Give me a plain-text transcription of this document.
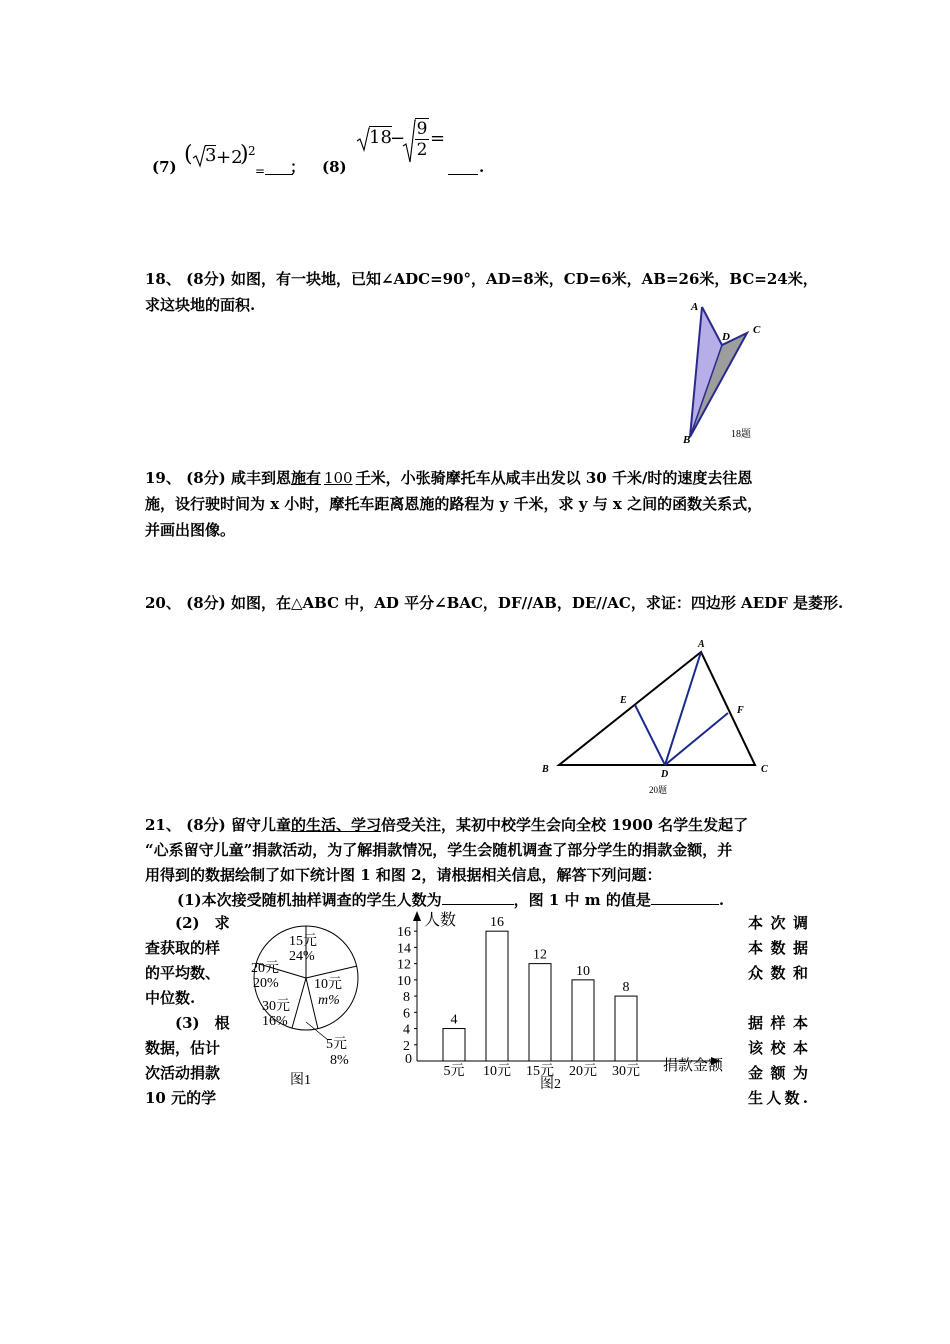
(7) ( 3 +2
) 2
= ； (8)
18
− 9
2
=
.
18、 (8分) 如图，有一块地，已知∠ADC=90°，AD=8米，CD=6米，AB=26米，BC=24米，
求这块地的面积.	A
D
C
B	18题
19、 (8分) 咸丰到恩施有 100 千米，小张骑摩托车从咸丰出发以 30 千米/时的速度去往恩
施，设行驶时间为 x 小时，摩托车距离恩施的路程为 y 千米，求 y 与 x 之间的函数关系式，
并画出图像。
20、 (8分) 如图，在△ABC 中，AD 平分∠BAC，DF//AB，DE//AC，求证：四边形 AEDF 是菱形.
A
E
F
B	D	C
20题
21、 (8分) 留守儿童的生活、学习倍受关注，某初中校学生会向全校 1900 名学生发起了
“心系留守儿童”捐款活动，为了解捐款情况，学生会随机调查了部分学生的捐款金额，并
用得到的数据绘制了如下统计图 1 和图 2，请根据相关信息，解答下列问题：
(1)本次接受随机抽样调查的学生人数为	，图 1 中 m 的值是	.
(2)　求
查获取的样
的平均数、
中位数.
(3)　根
数据，估计
次活动捐款
10 元的学
本次调
本数据
众数和
据样本
该校本
金额为
生人数.
15元
24%
10元
m%
5元
8%
30元
16%
20元
20%
图1
人数
捐款金额
图2
0
2
4
6
8
10
12
14
16
4
5元
16
10元
12
15元
10
20元
8
30元
